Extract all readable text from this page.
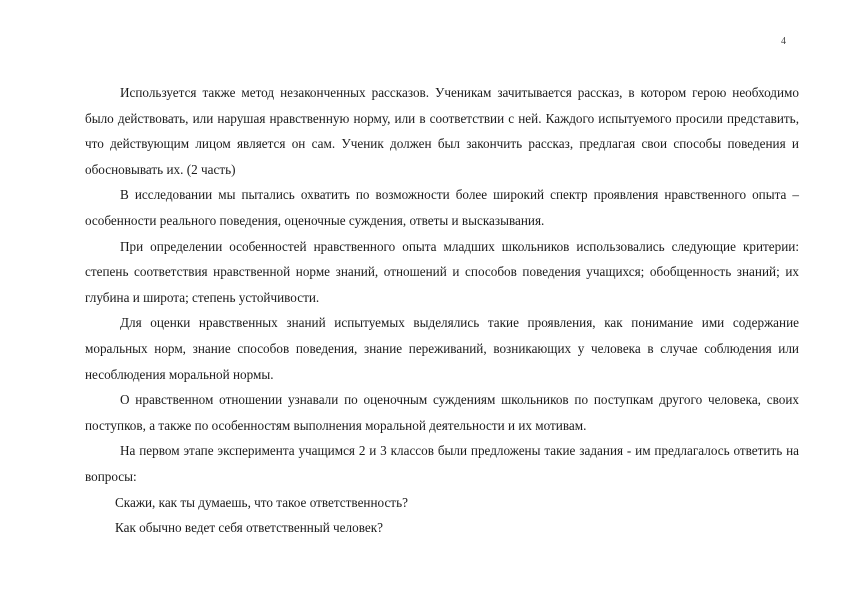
4

Используется также метод незаконченных рассказов. Ученикам зачитывается рассказ, в котором герою необходимо было действовать, или нарушая нравственную норму, или в соответствии с ней. Каждого испытуемого просили представить, что действующим лицом является он сам. Ученик должен был закончить рассказ, предлагая свои способы поведения и обосновывать их. (2 часть)

В исследовании мы пытались охватить по возможности более широкий спектр проявления нравственного опыта – особенности реального поведения, оценочные суждения, ответы и высказывания.

При определении особенностей нравственного опыта младших школьников использовались следующие критерии: степень соответствия нравственной норме знаний, отношений и способов поведения учащихся; обобщенность знаний; их глубина и широта; степень устойчивости.

Для оценки нравственных знаний испытуемых выделялись такие проявления, как понимание ими содержание моральных норм, знание способов поведения, знание переживаний, возникающих у человека в случае соблюдения или несоблюдения моральной нормы.

О нравственном отношении узнавали по оценочным суждениям школьников по поступкам другого человека, своих поступков, а также по особенностям выполнения моральной деятельности и их мотивам.

На первом этапе эксперимента учащимся 2 и 3 классов были предложены такие задания - им предлагалось ответить на вопросы:

Скажи, как ты думаешь, что такое ответственность?

Как обычно ведет себя ответственный человек?
